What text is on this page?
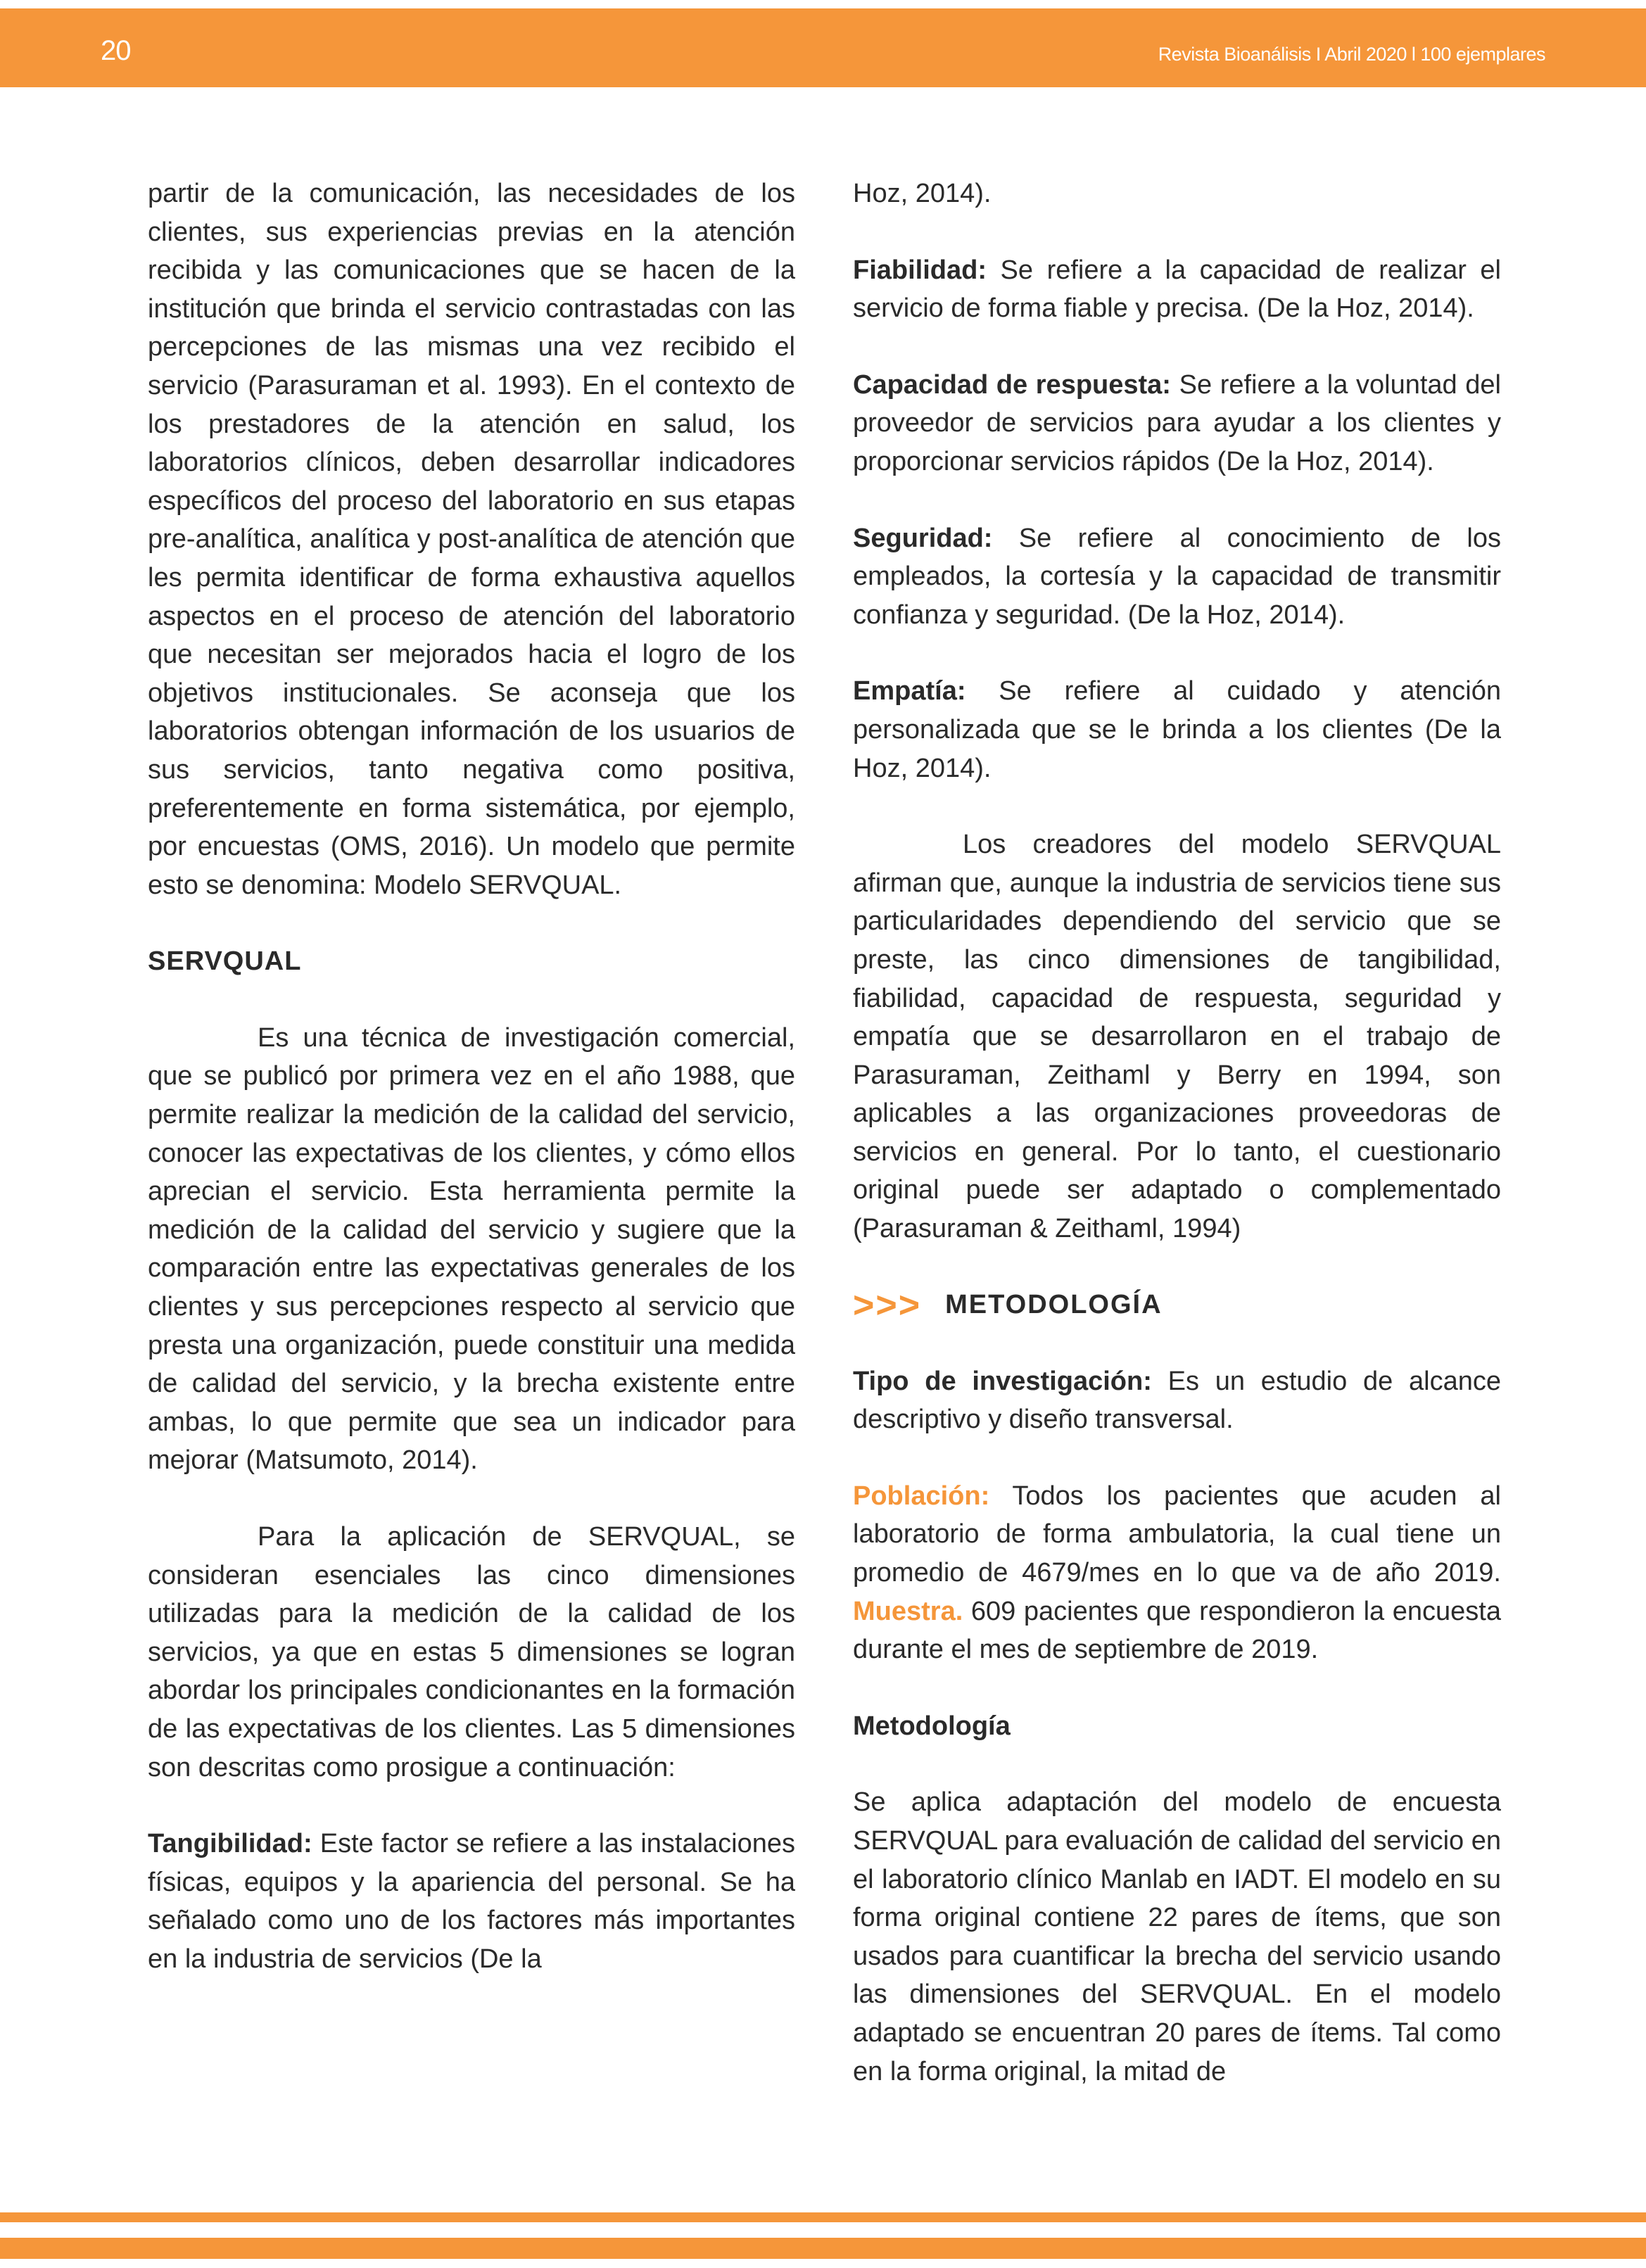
20	Revista Bioanálisis I Abril 2020 l 100 ejemplares

partir de la comunicación, las necesidades de los clientes, sus experiencias previas en la atención recibida y las comunicaciones que se hacen de la institución que brinda el servicio contrastadas con las percepciones de las mismas una vez recibido el servicio (Parasuraman et al. 1993). En el contexto de los prestadores de la atención en salud, los laboratorios clínicos, deben desarrollar indicadores específicos del proceso del laboratorio en sus etapas pre-analítica, analítica y post-analítica de atención que les permita identificar de forma exhaustiva aquellos aspectos en el proceso de atención del laboratorio que necesitan ser mejorados hacia el logro de los objetivos institucionales. Se aconseja que los laboratorios obtengan información de los usuarios de sus servicios, tanto negativa como positiva, preferentemente en forma sistemática, por ejemplo, por encuestas (OMS, 2016). Un modelo que permite esto se denomina: Modelo SERVQUAL.

SERVQUAL

Es una técnica de investigación comercial, que se publicó por primera vez en el año 1988, que permite realizar la medición de la calidad del servicio, conocer las expectativas de los clientes, y cómo ellos aprecian el servicio. Esta herramienta permite la medición de la calidad del servicio y sugiere que la comparación entre las expectativas generales de los clientes y sus percepciones respecto al servicio que presta una organización, puede constituir una medida de calidad del servicio, y la brecha existente entre ambas, lo que permite que sea un indicador para mejorar (Matsumoto, 2014).

Para la aplicación de SERVQUAL, se consideran esenciales las cinco dimensiones utilizadas para la medición de la calidad de los servicios, ya que en estas 5 dimensiones se logran abordar los principales condicionantes en la formación de las expectativas de los clientes. Las 5 dimensiones son descritas como prosigue a continuación:

Tangibilidad: Este factor se refiere a las instalaciones físicas, equipos y la apariencia del personal. Se ha señalado como uno de los factores más importantes en la industria de servicios (De la

Hoz, 2014).

Fiabilidad: Se refiere a la capacidad de realizar el servicio de forma fiable y precisa. (De la Hoz, 2014).

Capacidad de respuesta: Se refiere a la voluntad del proveedor de servicios para ayudar a los clientes y proporcionar servicios rápidos (De la Hoz, 2014).

Seguridad: Se refiere al conocimiento de los empleados, la cortesía y la capacidad de transmitir confianza y seguridad. (De la Hoz, 2014).

Empatía: Se refiere al cuidado y atención personalizada que se le brinda a los clientes (De la Hoz, 2014).

Los creadores del modelo SERVQUAL afirman que, aunque la industria de servicios tiene sus particularidades dependiendo del servicio que se preste, las cinco dimensiones de tangibilidad, fiabilidad, capacidad de respuesta, seguridad y empatía que se desarrollaron en el trabajo de Parasuraman, Zeithaml y Berry en 1994, son aplicables a las organizaciones proveedoras de servicios en general. Por lo tanto, el cuestionario original puede ser adaptado o complementado (Parasuraman & Zeithaml, 1994)

>>> METODOLOGÍA

Tipo de investigación: Es un estudio de alcance descriptivo y diseño transversal.

Población: Todos los pacientes que acuden al laboratorio de forma ambulatoria, la cual tiene un promedio de 4679/mes en lo que va de año 2019. Muestra. 609 pacientes que respondieron la encuesta durante el mes de septiembre de 2019.

Metodología

Se aplica adaptación del modelo de encuesta SERVQUAL para evaluación de calidad del servicio en el laboratorio clínico Manlab en IADT. El modelo en su forma original contiene 22 pares de ítems, que son usados para cuantificar la brecha del servicio usando las dimensiones del SERVQUAL. En el modelo adaptado se encuentran 20 pares de ítems. Tal como en la forma original, la mitad de
